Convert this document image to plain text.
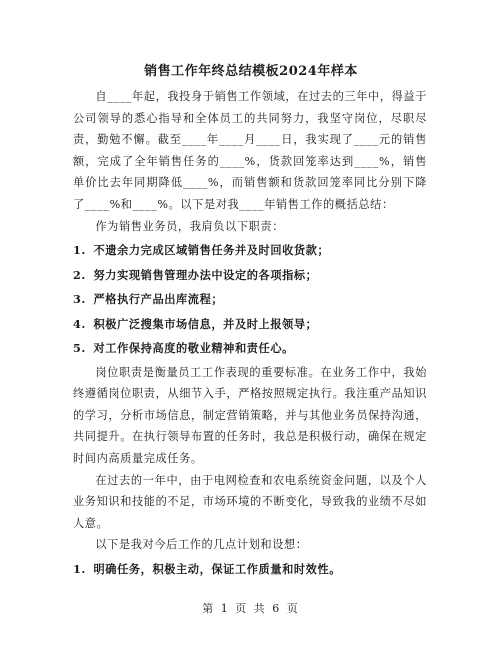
销售工作年终总结模板2024年样本

自____年起，我投身于销售工作领域，在过去的三年中，得益于公司领导的悉心指导和全体员工的共同努力，我坚守岗位，尽职尽责，勤勉不懈。截至____年____月____日，我实现了____元的销售额，完成了全年销售任务的____%，货款回笼率达到____%，销售单价比去年同期降低____%，而销售额和货款回笼率同比分别下降了____%和____%。以下是对我____年销售工作的概括总结：

作为销售业务员，我肩负以下职责：

1. 不遗余力完成区域销售任务并及时回收货款；

2. 努力实现销售管理办法中设定的各项指标；

3. 严格执行产品出库流程；

4. 积极广泛搜集市场信息，并及时上报领导；

5. 对工作保持高度的敬业精神和责任心。

岗位职责是衡量员工工作表现的重要标准。在业务工作中，我始终遵循岗位职责，从细节入手，严格按照规定执行。我注重产品知识的学习，分析市场信息，制定营销策略，并与其他业务员保持沟通，共同提升。在执行领导布置的任务时，我总是积极行动，确保在规定时间内高质量完成任务。

在过去的一年中，由于电网检查和农电系统资金问题，以及个人业务知识和技能的不足，市场环境的不断变化，导致我的业绩不尽如人意。

以下是我对今后工作的几点计划和设想：

1. 明确任务，积极主动，保证工作质量和时效性。

第 1 页 共 6 页
